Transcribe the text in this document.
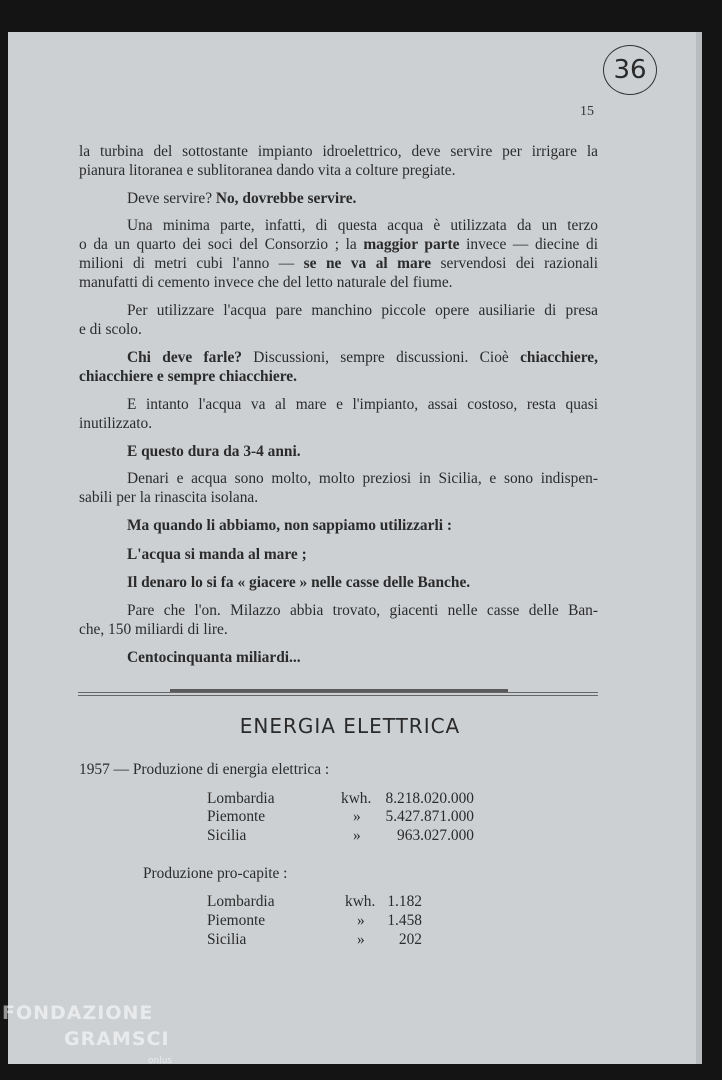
36
15

la turbina del sottostante impianto idroelettrico, deve servire per irrigare la

pianura litoranea e sublitoranea dando vita a colture pregiate.

Deve servire? No, dovrebbe servire.

Una minima parte, infatti, di questa acqua è utilizzata da un terzo

o da un quarto dei soci del Consorzio ; la maggior parte invece — diecine di

milioni di metri cubi l'anno — se ne va al mare servendosi dei razionali

manufatti di cemento invece che del letto naturale del fiume.

Per utilizzare l'acqua pare manchino piccole opere ausiliarie di presa

e di scolo.

Chi deve farle? Discussioni, sempre discussioni. Cioè chiacchiere,

chiacchiere e sempre chiacchiere.

E intanto l'acqua va al mare e l'impianto, assai costoso, resta quasi

inutilizzato.

E questo dura da 3-4 anni.

Denari e acqua sono molto, molto preziosi in Sicilia, e sono indispen-

sabili per la rinascita isolana.

Ma quando li abbiamo, non sappiamo utilizzarli :

L'acqua si manda al mare ;

Il denaro lo si fa « giacere » nelle casse delle Banche.

Pare che l'on. Milazzo abbia trovato, giacenti nelle casse delle Ban-

che, 150 miliardi di lire.

Centocinquanta miliardi...

ENERGIA ELETTRICA
1957 — Produzione di energia elettrica :
Lombardia	kwh. 8.218.020.000
Piemonte	»	5.427.871.000
Sicilia	»	963.027.000
Produzione pro-capite :
Lombardia	kwh. 1.182
Piemonte	»	1.458
Sicilia	»	202
FONDAZIONE
GRAMSCI
onlus
